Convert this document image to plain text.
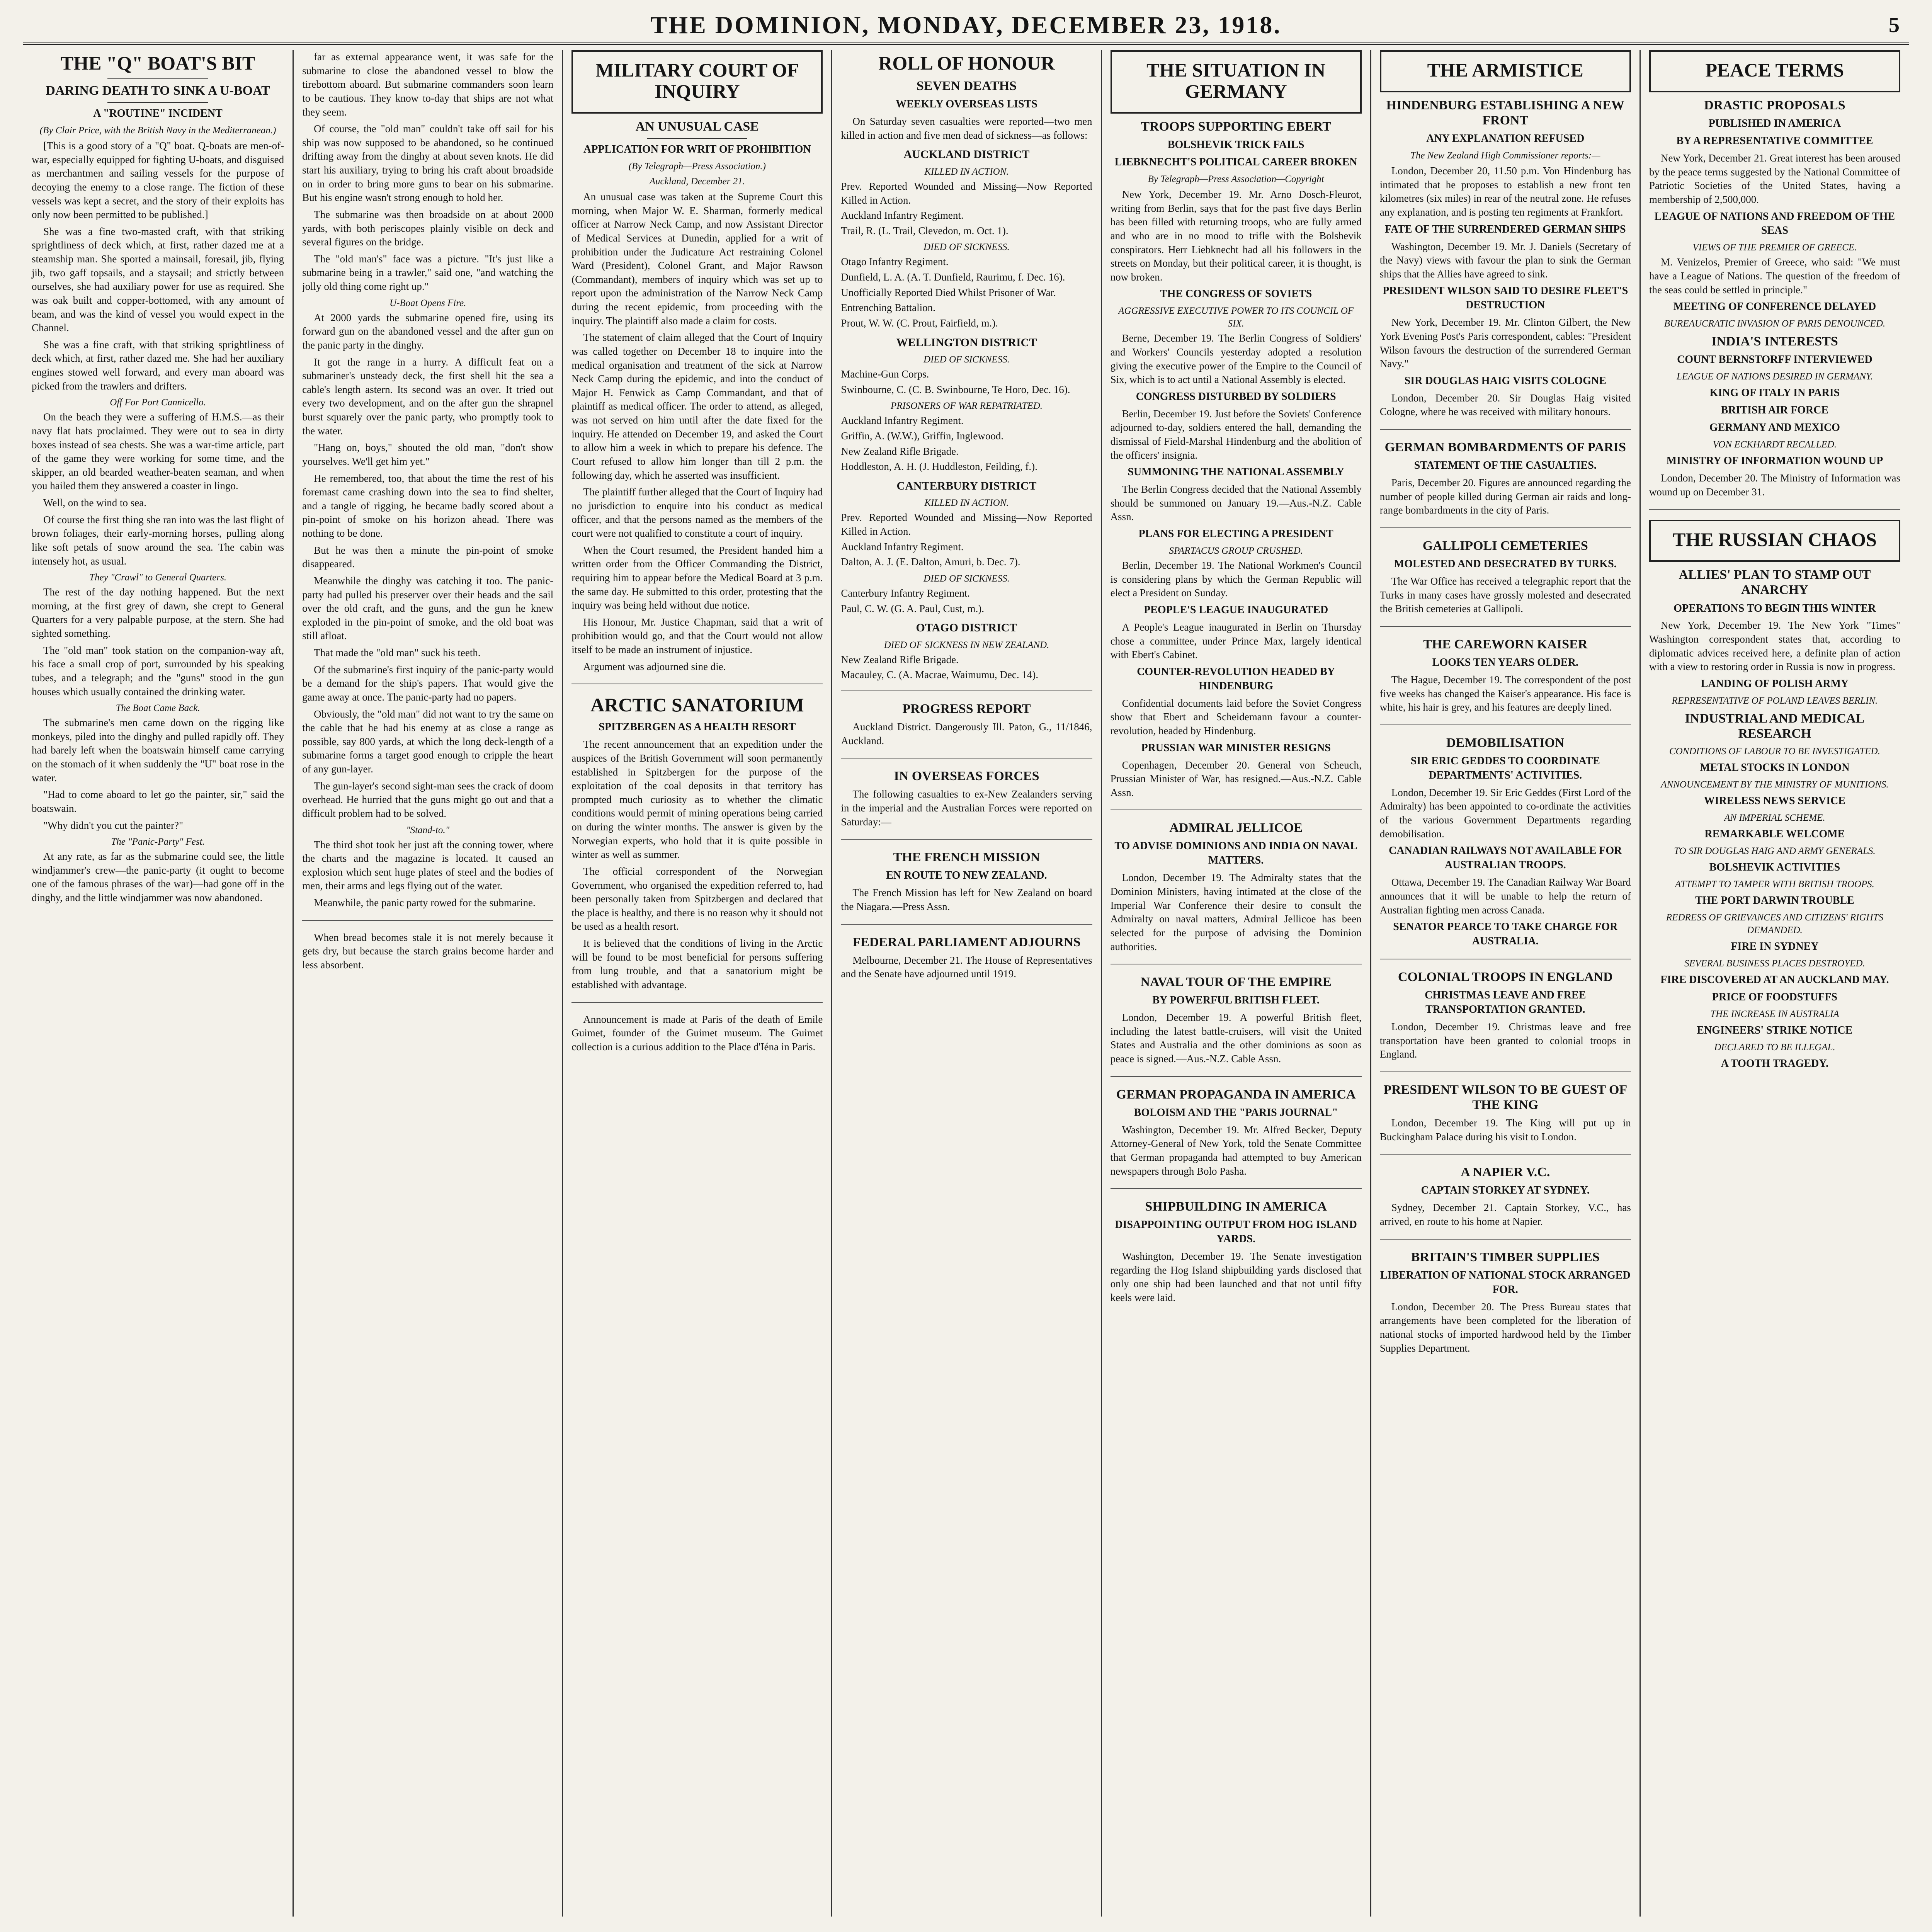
THE DOMINION, MONDAY, DECEMBER 23, 1918.	5
THE "Q" BOAT'S BIT
DARING DEATH TO SINK A U-BOAT
A "ROUTINE" INCIDENT
(By Clair Price, with the British Navy in the Mediterranean.)

[This is a good story of a "Q" boat. Q-boats are men-of-war, especially equipped for fighting U-boats, and disguised as merchantmen and sailing vessels for the purpose of decoying the enemy to a close range. The fiction of these vessels was kept a secret, and the story of their exploits has only now been permitted to be published.]

She was a fine two-masted craft, with that striking sprightliness of deck which, at first, rather dazed me at a steamship man. She sported a mainsail, foresail, jib, flying jib, two gaff topsails, and a staysail; and strictly between ourselves, she had auxiliary power for use as required. She was oak built and copper-bottomed, with any amount of beam, and was the kind of vessel you would expect in the Channel.

She was a fine craft, with that striking sprightliness of deck which, at first, rather dazed me. She had her auxiliary engines stowed well forward, and every man aboard was picked from the trawlers and drifters.

Off For Port Cannicello.

On the beach they were a suffering of H.M.S.—as their navy flat hats proclaimed. They were out to sea in dirty boxes instead of sea chests. She was a war-time article, part of the game they were working for some time, and the skipper, an old bearded weather-beaten seaman, and when you hailed them they answered a coaster in lingo.

Well, on the wind to sea.

Of course the first thing she ran into was the last flight of brown foliages, their early-morning horses, pulling along like soft petals of snow around the sea. The cabin was intensely hot, as usual.

They "Crawl" to General Quarters.

The rest of the day nothing happened. But the next morning, at the first grey of dawn, she crept to General Quarters for a very palpable purpose, at the stern. She had sighted something.

The "old man" took station on the companion-way aft, his face a small crop of port, surrounded by his speaking tubes, and a telegraph; and the "guns" stood in the gun houses which usually contained the drinking water.

The Boat Came Back.

The submarine's men came down on the rigging like monkeys, piled into the dinghy and pulled rapidly off. They had barely left when the boatswain himself came carrying on the stomach of it when suddenly the "U" boat rose in the water.

"Had to come aboard to let go the painter, sir," said the boatswain.

"Why didn't you cut the painter?"

The "Panic-Party" Fest.

At any rate, as far as the submarine could see, the little windjammer's crew—the panic-party (it ought to become one of the famous phrases of the war)—had gone off in the dinghy, and the little windjammer was now abandoned.

far as external appearance went, it was safe for the submarine to close the abandoned vessel to blow the tirebottom aboard. But submarine commanders soon learn to be cautious. They know to-day that ships are not what they seem.

Of course, the "old man" couldn't take off sail for his ship was now supposed to be abandoned, so he continued drifting away from the dinghy at about seven knots. He did start his auxiliary, trying to bring his craft about broadside on in order to bring more guns to bear on his submarine. But his engine wasn't strong enough to hold her.

The submarine was then broadside on at about 2000 yards, with both periscopes plainly visible on deck and several figures on the bridge.

The "old man's" face was a picture. "It's just like a submarine being in a trawler," said one, "and watching the jolly old thing come right up."

U-Boat Opens Fire.

At 2000 yards the submarine opened fire, using its forward gun on the abandoned vessel and the after gun on the panic party in the dinghy.

It got the range in a hurry. A difficult feat on a submariner's unsteady deck, the first shell hit the sea a cable's length astern. Its second was an over. It tried out every two development, and on the after gun the shrapnel burst squarely over the panic party, who promptly took to the water.

"Hang on, boys," shouted the old man, "don't show yourselves. We'll get him yet."

He remembered, too, that about the time the rest of his foremast came crashing down into the sea to find shelter, and a tangle of rigging, he became badly scored about a pin-point of smoke on his horizon ahead. There was nothing to be done.

But he was then a minute the pin-point of smoke disappeared.

Meanwhile the dinghy was catching it too. The panic-party had pulled his preserver over their heads and the sail over the old craft, and the guns, and the gun he knew exploded in the pin-point of smoke, and the old boat was still afloat.

That made the "old man" suck his teeth.

Of the submarine's first inquiry of the panic-party would be a demand for the ship's papers. That would give the game away at once. The panic-party had no papers.

Obviously, the "old man" did not want to try the same on the cable that he had his enemy at as close a range as possible, say 800 yards, at which the long deck-length of a submarine forms a target good enough to cripple the heart of any gun-layer.

The gun-layer's second sight-man sees the crack of doom overhead. He hurried that the guns might go out and that a difficult problem had to be solved.

"Stand-to."

The third shot took her just aft the conning tower, where the charts and the magazine is located. It caused an explosion which sent huge plates of steel and the bodies of men, their arms and legs flying out of the water.

Meanwhile, the panic party rowed for the submarine.

When bread becomes stale it is not merely because it gets dry, but because the starch grains become harder and less absorbent.

MILITARY COURT OF INQUIRY
AN UNUSUAL CASE
APPLICATION FOR WRIT OF PROHIBITION
(By Telegraph—Press Association.)
Auckland, December 21.

An unusual case was taken at the Supreme Court this morning, when Major W. E. Sharman, formerly medical officer at Narrow Neck Camp, and now Assistant Director of Medical Services at Dunedin, applied for a writ of prohibition under the Judicature Act restraining Colonel Ward (President), Colonel Grant, and Major Rawson (Commandant), members of inquiry which was set up to report upon the administration of the Narrow Neck Camp during the recent epidemic, from proceeding with the inquiry. The plaintiff also made a claim for costs.

The statement of claim alleged that the Court of Inquiry was called together on December 18 to inquire into the medical organisation and treatment of the sick at Narrow Neck Camp during the epidemic, and into the conduct of Major H. Fenwick as Camp Commandant, and that of plaintiff as medical officer. The order to attend, as alleged, was not served on him until after the date fixed for the inquiry. He attended on December 19, and asked the Court to allow him a week in which to prepare his defence. The Court refused to allow him longer than till 2 p.m. the following day, which he asserted was insufficient.

The plaintiff further alleged that the Court of Inquiry had no jurisdiction to enquire into his conduct as medical officer, and that the persons named as the members of the court were not qualified to constitute a court of inquiry.

When the Court resumed, the President handed him a written order from the Officer Commanding the District, requiring him to appear before the Medical Board at 3 p.m. the same day. He submitted to this order, protesting that the inquiry was being held without due notice.

His Honour, Mr. Justice Chapman, said that a writ of prohibition would go, and that the Court would not allow itself to be made an instrument of injustice.

Argument was adjourned sine die.

ARCTIC SANATORIUM
SPITZBERGEN AS A HEALTH RESORT

The recent announcement that an expedition under the auspices of the British Government will soon permanently established in Spitzbergen for the purpose of the exploitation of the coal deposits in that territory has prompted much curiosity as to whether the climatic conditions would permit of mining operations being carried on during the winter months. The answer is given by the Norwegian experts, who hold that it is quite possible in winter as well as summer.

The official correspondent of the Norwegian Government, who organised the expedition referred to, had been personally taken from Spitzbergen and declared that the place is healthy, and there is no reason why it should not be used as a health resort.

It is believed that the conditions of living in the Arctic will be found to be most beneficial for persons suffering from lung trouble, and that a sanatorium might be established with advantage.

Announcement is made at Paris of the death of Emile Guimet, founder of the Guimet museum. The Guimet collection is a curious addition to the Place d'Iéna in Paris.

ROLL OF HONOUR
SEVEN DEATHS
WEEKLY OVERSEAS LISTS

On Saturday seven casualties were reported—two men killed in action and five men dead of sickness—as follows:

AUCKLAND DISTRICT
KILLED IN ACTION.

Prev. Reported Wounded and Missing—Now Reported Killed in Action.

Auckland Infantry Regiment.

Trail, R. (L. Trail, Clevedon, m. Oct. 1).

DIED OF SICKNESS.

Otago Infantry Regiment.

Dunfield, L. A. (A. T. Dunfield, Raurimu, f. Dec. 16).

Unofficially Reported Died Whilst Prisoner of War.

Entrenching Battalion.

Prout, W. W. (C. Prout, Fairfield, m.).

WELLINGTON DISTRICT
DIED OF SICKNESS.

Machine-Gun Corps.

Swinbourne, C. (C. B. Swinbourne, Te Horo, Dec. 16).

PRISONERS OF WAR REPATRIATED.

Auckland Infantry Regiment.

Griffin, A. (W.W.), Griffin, Inglewood.

New Zealand Rifle Brigade.

Hoddleston, A. H. (J. Huddleston, Feilding, f.).

CANTERBURY DISTRICT
KILLED IN ACTION.

Prev. Reported Wounded and Missing—Now Reported Killed in Action.

Auckland Infantry Regiment.

Dalton, A. J. (E. Dalton, Amuri, b. Dec. 7).

DIED OF SICKNESS.

Canterbury Infantry Regiment.

Paul, C. W. (G. A. Paul, Cust, m.).

OTAGO DISTRICT
DIED OF SICKNESS IN NEW ZEALAND.

New Zealand Rifle Brigade.

Macauley, C. (A. Macrae, Waimumu, Dec. 14).

PROGRESS REPORT

Auckland District. Dangerously Ill. Paton, G., 11/1846, Auckland.

IN OVERSEAS FORCES

The following casualties to ex-New Zealanders serving in the imperial and the Australian Forces were reported on Saturday:—

THE FRENCH MISSION
EN ROUTE TO NEW ZEALAND.

The French Mission has left for New Zealand on board the Niagara.—Press Assn.

FEDERAL PARLIAMENT ADJOURNS

Melbourne, December 21. The House of Representatives and the Senate have adjourned until 1919.

THE SITUATION IN GERMANY
TROOPS SUPPORTING EBERT
BOLSHEVIK TRICK FAILS
LIEBKNECHT'S POLITICAL CAREER BROKEN
By Telegraph—Press Association—Copyright

New York, December 19. Mr. Arno Dosch-Fleurot, writing from Berlin, says that for the past five days Berlin has been filled with returning troops, who are fully armed and who are in no mood to trifle with the Bolshevik conspirators. Herr Liebknecht had all his followers in the streets on Monday, but their political career, it is thought, is now broken.

THE CONGRESS OF SOVIETS
AGGRESSIVE EXECUTIVE POWER TO ITS COUNCIL OF SIX.

Berne, December 19. The Berlin Congress of Soldiers' and Workers' Councils yesterday adopted a resolution giving the executive power of the Empire to the Council of Six, which is to act until a National Assembly is elected.

CONGRESS DISTURBED BY SOLDIERS

Berlin, December 19. Just before the Soviets' Conference adjourned to-day, soldiers entered the hall, demanding the dismissal of Field-Marshal Hindenburg and the abolition of the officers' insignia.

SUMMONING THE NATIONAL ASSEMBLY

The Berlin Congress decided that the National Assembly should be summoned on January 19.—Aus.-N.Z. Cable Assn.

PLANS FOR ELECTING A PRESIDENT
SPARTACUS GROUP CRUSHED.

Berlin, December 19. The National Workmen's Council is considering plans by which the German Republic will elect a President on Sunday.

PEOPLE'S LEAGUE INAUGURATED

A People's League inaugurated in Berlin on Thursday chose a committee, under Prince Max, largely identical with Ebert's Cabinet.

COUNTER-REVOLUTION HEADED BY HINDENBURG

Confidential documents laid before the Soviet Congress show that Ebert and Scheidemann favour a counter-revolution, headed by Hindenburg.

PRUSSIAN WAR MINISTER RESIGNS

Copenhagen, December 20. General von Scheuch, Prussian Minister of War, has resigned.—Aus.-N.Z. Cable Assn.

ADMIRAL JELLICOE
TO ADVISE DOMINIONS AND INDIA ON NAVAL MATTERS.

London, December 19. The Admiralty states that the Dominion Ministers, having intimated at the close of the Imperial War Conference their desire to consult the Admiralty on naval matters, Admiral Jellicoe has been selected for the purpose of advising the Dominion authorities.

NAVAL TOUR OF THE EMPIRE
BY POWERFUL BRITISH FLEET.

London, December 19. A powerful British fleet, including the latest battle-cruisers, will visit the United States and Australia and the other dominions as soon as peace is signed.—Aus.-N.Z. Cable Assn.

GERMAN PROPAGANDA IN AMERICA
BOLOISM AND THE "PARIS JOURNAL"

Washington, December 19. Mr. Alfred Becker, Deputy Attorney-General of New York, told the Senate Committee that German propaganda had attempted to buy American newspapers through Bolo Pasha.

SHIPBUILDING IN AMERICA
DISAPPOINTING OUTPUT FROM HOG ISLAND YARDS.

Washington, December 19. The Senate investigation regarding the Hog Island shipbuilding yards disclosed that only one ship had been launched and that not until fifty keels were laid.

THE ARMISTICE
HINDENBURG ESTABLISHING A NEW FRONT
ANY EXPLANATION REFUSED
The New Zealand High Commissioner reports:—

London, December 20, 11.50 p.m. Von Hindenburg has intimated that he proposes to establish a new front ten kilometres (six miles) in rear of the neutral zone. He refuses any explanation, and is posting ten regiments at Frankfort.

FATE OF THE SURRENDERED GERMAN SHIPS

Washington, December 19. Mr. J. Daniels (Secretary of the Navy) views with favour the plan to sink the German ships that the Allies have agreed to sink.

PRESIDENT WILSON SAID TO DESIRE FLEET'S DESTRUCTION

New York, December 19. Mr. Clinton Gilbert, the New York Evening Post's Paris correspondent, cables: "President Wilson favours the destruction of the surrendered German Navy."

SIR DOUGLAS HAIG VISITS COLOGNE

London, December 20. Sir Douglas Haig visited Cologne, where he was received with military honours.

GERMAN BOMBARDMENTS OF PARIS
STATEMENT OF THE CASUALTIES.

Paris, December 20. Figures are announced regarding the number of people killed during German air raids and long-range bombardments in the city of Paris.

GALLIPOLI CEMETERIES
MOLESTED AND DESECRATED BY TURKS.

The War Office has received a telegraphic report that the Turks in many cases have grossly molested and desecrated the British cemeteries at Gallipoli.

THE CAREWORN KAISER
LOOKS TEN YEARS OLDER.

The Hague, December 19. The correspondent of the post five weeks has changed the Kaiser's appearance. His face is white, his hair is grey, and his features are deeply lined.

DEMOBILISATION
SIR ERIC GEDDES TO COORDINATE DEPARTMENTS' ACTIVITIES.

London, December 19. Sir Eric Geddes (First Lord of the Admiralty) has been appointed to co-ordinate the activities of the various Government Departments regarding demobilisation.

CANADIAN RAILWAYS NOT AVAILABLE FOR AUSTRALIAN TROOPS.

Ottawa, December 19. The Canadian Railway War Board announces that it will be unable to help the return of Australian fighting men across Canada.

SENATOR PEARCE TO TAKE CHARGE FOR AUSTRALIA.
COLONIAL TROOPS IN ENGLAND
CHRISTMAS LEAVE AND FREE TRANSPORTATION GRANTED.

London, December 19. Christmas leave and free transportation have been granted to colonial troops in England.

PRESIDENT WILSON TO BE GUEST OF THE KING

London, December 19. The King will put up in Buckingham Palace during his visit to London.

A NAPIER V.C.
CAPTAIN STORKEY AT SYDNEY.

Sydney, December 21. Captain Storkey, V.C., has arrived, en route to his home at Napier.

BRITAIN'S TIMBER SUPPLIES
LIBERATION OF NATIONAL STOCK ARRANGED FOR.

London, December 20. The Press Bureau states that arrangements have been completed for the liberation of national stocks of imported hardwood held by the Timber Supplies Department.

PEACE TERMS
DRASTIC PROPOSALS
PUBLISHED IN AMERICA
BY A REPRESENTATIVE COMMITTEE

New York, December 21. Great interest has been aroused by the peace terms suggested by the National Committee of Patriotic Societies of the United States, having a membership of 2,500,000.

LEAGUE OF NATIONS AND FREEDOM OF THE SEAS
VIEWS OF THE PREMIER OF GREECE.

M. Venizelos, Premier of Greece, who said: "We must have a League of Nations. The question of the freedom of the seas could be settled in principle."

MEETING OF CONFERENCE DELAYED
BUREAUCRATIC INVASION OF PARIS DENOUNCED.
INDIA'S INTERESTS
COUNT BERNSTORFF INTERVIEWED
LEAGUE OF NATIONS DESIRED IN GERMANY.
KING OF ITALY IN PARIS
BRITISH AIR FORCE
GERMANY AND MEXICO
VON ECKHARDT RECALLED.
MINISTRY OF INFORMATION WOUND UP

London, December 20. The Ministry of Information was wound up on December 31.

THE RUSSIAN CHAOS
ALLIES' PLAN TO STAMP OUT ANARCHY
OPERATIONS TO BEGIN THIS WINTER

New York, December 19. The New York "Times" Washington correspondent states that, according to diplomatic advices received here, a definite plan of action with a view to restoring order in Russia is now in progress.

LANDING OF POLISH ARMY
REPRESENTATIVE OF POLAND LEAVES BERLIN.
INDUSTRIAL AND MEDICAL RESEARCH
CONDITIONS OF LABOUR TO BE INVESTIGATED.
METAL STOCKS IN LONDON
ANNOUNCEMENT BY THE MINISTRY OF MUNITIONS.
WIRELESS NEWS SERVICE
AN IMPERIAL SCHEME.
REMARKABLE WELCOME
TO SIR DOUGLAS HAIG AND ARMY GENERALS.
BOLSHEVIK ACTIVITIES
ATTEMPT TO TAMPER WITH BRITISH TROOPS.
THE PORT DARWIN TROUBLE
REDRESS OF GRIEVANCES AND CITIZENS' RIGHTS DEMANDED.
FIRE IN SYDNEY
SEVERAL BUSINESS PLACES DESTROYED.
FIRE DISCOVERED AT AN AUCKLAND MAY.
PRICE OF FOODSTUFFS
THE INCREASE IN AUSTRALIA
ENGINEERS' STRIKE NOTICE
DECLARED TO BE ILLEGAL.
A TOOTH TRAGEDY.
